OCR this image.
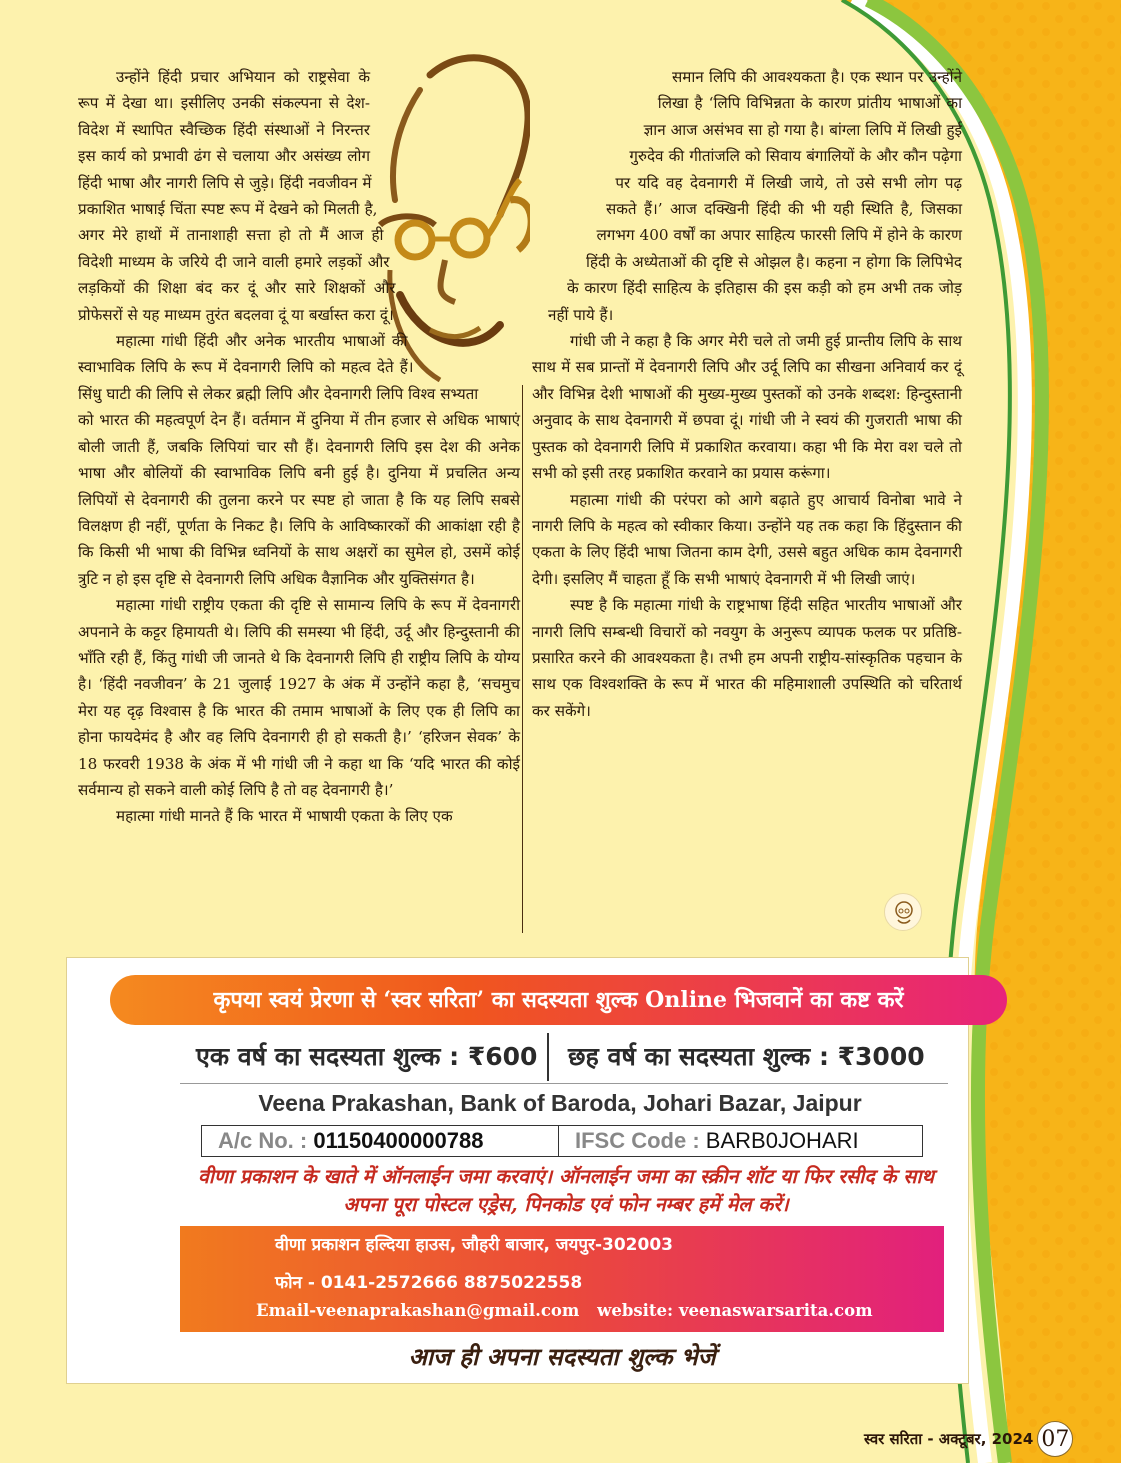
उन्होंने हिंदी प्रचार अभियान को राष्ट्रसेवा के रूप में देखा था। इसीलिए उनकी संकल्पना से देश-विदेश में स्थापित स्वैच्छिक हिंदी संस्थाओं ने निरन्तर इस कार्य को प्रभावी ढंग से चलाया और असंख्य लोग हिंदी भाषा और नागरी लिपि से जुड़े। हिंदी नवजीवन में प्रकाशित भाषाई चिंता स्पष्ट रूप में देखने को मिलती है, अगर मेरे हाथों में तानाशाही सत्ता हो तो मैं आज ही विदेशी माध्यम के जरिये दी जाने वाली हमारे लड़कों और लड़कियों की शिक्षा बंद कर दूं और सारे शिक्षकों और प्रोफेसरों से यह माध्यम तुरंत बदलवा दूं या बर्खास्त करा दूं।

महात्मा गांधी हिंदी और अनेक भारतीय भाषाओं की स्वाभाविक लिपि के रूप में देवनागरी लिपि को महत्व देते हैं। सिंधु घाटी की लिपि से लेकर ब्रह्मी लिपि और देवनागरी लिपि विश्व सभ्यता को भारत की महत्वपूर्ण देन हैं। वर्तमान में दुनिया में तीन हजार से अधिक भाषाएं बोली जाती हैं, जबकि लिपियां चार सौ हैं। देवनागरी लिपि इस देश की अनेक भाषा और बोलियों की स्वाभाविक लिपि बनी हुई है। दुनिया में प्रचलित अन्य लिपियों से देवनागरी की तुलना करने पर स्पष्ट हो जाता है कि यह लिपि सबसे विलक्षण ही नहीं, पूर्णता के निकट है। लिपि के आविष्कारकों की आकांक्षा रही है कि किसी भी भाषा की विभिन्न ध्वनियों के साथ अक्षरों का सुमेल हो, उसमें कोई त्रुटि न हो इस दृष्टि से देवनागरी लिपि अधिक वैज्ञानिक और युक्तिसंगत है।

महात्मा गांधी राष्ट्रीय एकता की दृष्टि से सामान्य लिपि के रूप में देवनागरी अपनाने के कट्टर हिमायती थे। लिपि की समस्या भी हिंदी, उर्दू और हिन्दुस्तानी की भाँति रही हैं, किंतु गांधी जी जानते थे कि देवनागरी लिपि ही राष्ट्रीय लिपि के योग्य है। ‘हिंदी नवजीवन’ के 21 जुलाई 1927 के अंक में उन्होंने कहा है, ‘सचमुच मेरा यह दृढ़ विश्वास है कि भारत की तमाम भाषाओं के लिए एक ही लिपि का होना फायदेमंद है और वह लिपि देवनागरी ही हो सकती है।’ ‘हरिजन सेवक’ के 18 फरवरी 1938 के अंक में भी गांधी जी ने कहा था कि ‘यदि भारत की कोई सर्वमान्य हो सकने वाली कोई लिपि है तो वह देवनागरी है।’

महात्मा गांधी मानते हैं कि भारत में भाषायी एकता के लिए एक

समान लिपि की आवश्यकता है। एक स्थान पर उन्होंने लिखा है ‘लिपि विभिन्नता के कारण प्रांतीय भाषाओं का ज्ञान आज असंभव सा हो गया है। बांग्ला लिपि में लिखी हुई गुरुदेव की गीतांजलि को सिवाय बंगालियों के और कौन पढ़ेगा पर यदि वह देवनागरी में लिखी जाये, तो उसे सभी लोग पढ़ सकते हैं।’ आज दक्खिनी हिंदी की भी यही स्थिति है, जिसका लगभग 400 वर्षों का अपार साहित्य फारसी लिपि में होने के कारण हिंदी के अध्येताओं की दृष्टि से ओझल है। कहना न होगा कि लिपिभेद के कारण हिंदी साहित्य के इतिहास की इस कड़ी को हम अभी तक जोड़ नहीं पाये हैं।

गांधी जी ने कहा है कि अगर मेरी चले तो जमी हुई प्रान्तीय लिपि के साथ साथ में सब प्रान्तों में देवनागरी लिपि और उर्दू लिपि का सीखना अनिवार्य कर दूं और विभिन्न देशी भाषाओं की मुख्य-मुख्य पुस्तकों को उनके शब्दश: हिन्दुस्तानी अनुवाद के साथ देवनागरी में छपवा दूं। गांधी जी ने स्वयं की गुजराती भाषा की पुस्तक को देवनागरी लिपि में प्रकाशित करवाया। कहा भी कि मेरा वश चले तो सभी को इसी तरह प्रकाशित करवाने का प्रयास करूंगा।

महात्मा गांधी की परंपरा को आगे बढ़ाते हुए आचार्य विनोबा भावे ने नागरी लिपि के महत्व को स्वीकार किया। उन्होंने यह तक कहा कि हिंदुस्तान की एकता के लिए हिंदी भाषा जितना काम देगी, उससे बहुत अधिक काम देवनागरी देगी। इसलिए मैं चाहता हूँ कि सभी भाषाएं देवनागरी में भी लिखी जाएं।

स्पष्ट है कि महात्मा गांधी के राष्ट्रभाषा हिंदी सहित भारतीय भाषाओं और नागरी लिपि सम्बन्धी विचारों को नवयुग के अनुरूप व्यापक फलक पर प्रतिष्ठि- प्रसारित करने की आवश्यकता है। तभी हम अपनी राष्ट्रीय-सांस्कृतिक पहचान के साथ एक विश्वशक्ति के रूप में भारत की महिमाशाली उपस्थिति को चरितार्थ कर सकेंगे।

कृपया स्वयं प्रेरणा से ‘स्वर सरिता’ का सदस्यता शुल्क Online भिजवानें का कष्ट करें
एक वर्ष का सदस्यता शुल्क : ₹600 छह वर्ष का सदस्यता शुल्क : ₹3000
Veena Prakashan, Bank of Baroda, Johari Bazar, Jaipur
A/c No. : 01150400000788	IFSC Code : BARB0JOHARI
वीणा प्रकाशन के खाते में ऑनलाईन जमा करवाएं। ऑनलाईन जमा का स्क्रीन शॉट या फिर रसीद के साथ अपना पूरा पोस्टल एड्रेस, पिनकोड एवं फोन नम्बर हमें मेल करें।
वीणा प्रकाशन हल्दिया हाउस, जौहरी बाजार, जयपुर-302003
फोन - 0141-2572666 8875022558
Email-veenaprakashan@gmail.com website: veenaswarsarita.com
आज ही अपना सदस्यता शुल्क भेजें
स्वर सरिता - अक्टूबर, 2024 07
